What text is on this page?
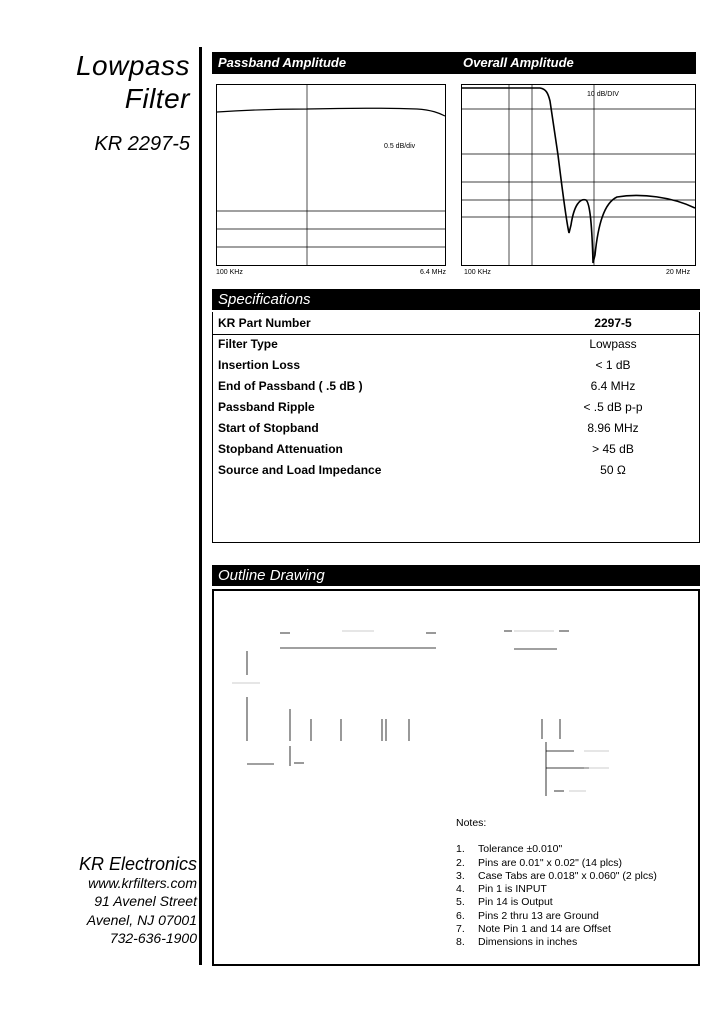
Lowpass
Filter
KR 2297-5
Passband Amplitude	Overall Amplitude
0.5 dB/div
100 KHz	6.4 MHz
10 dB/DIV
100 KHz	20 MHz
Specifications
KR Part Number	2297-5
Filter Type	Lowpass
Insertion Loss	< 1 dB
End of Passband ( .5 dB )	6.4 MHz
Passband Ripple	< .5 dB p-p
Start of Stopband	8.96 MHz
Stopband Attenuation	> 45 dB
Source and Load Impedance	50 Ω
Outline Drawing
Notes:
1. Tolerance ±0.010"
2. Pins are 0.01" x 0.02" (14 plcs)
3. Case Tabs are 0.018" x 0.060" (2 plcs)
4. Pin 1 is INPUT
5. Pin 14 is Output
6. Pins 2 thru 13 are Ground
7. Note Pin 1 and 14 are Offset
8. Dimensions in inches
KR Electronics
www.krfilters.com
91 Avenel Street
Avenel, NJ 07001
732-636-1900
